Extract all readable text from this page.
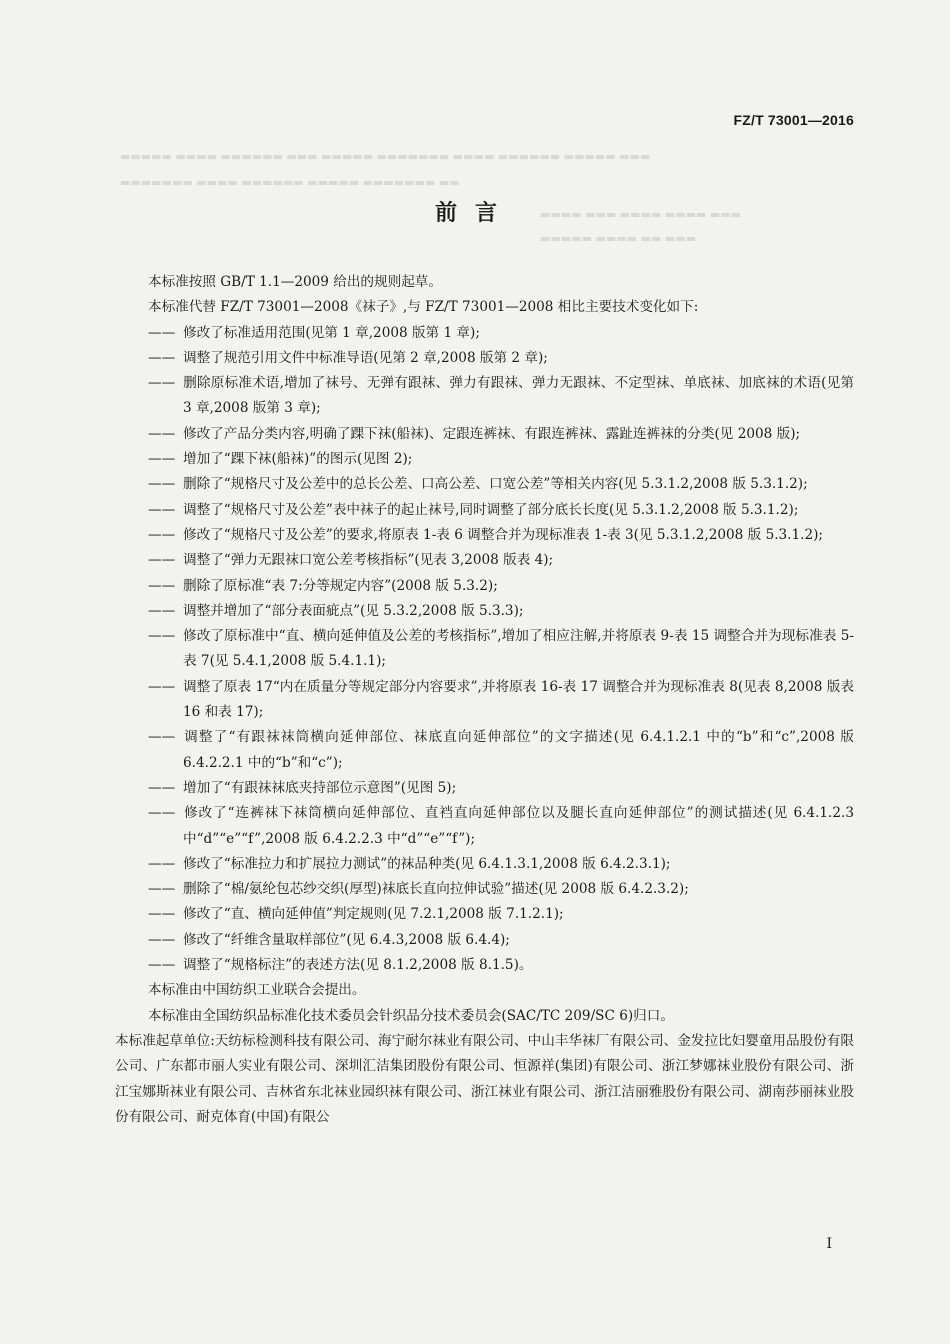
FZ/T 73001—2016
▬▬▬▬▬ ▬▬▬▬ ▬▬▬▬▬▬ ▬▬▬ ▬▬▬▬▬ ▬▬▬▬▬▬▬ ▬▬▬▬ ▬▬▬▬▬▬ ▬▬▬▬▬ ▬▬▬
▬▬▬▬▬▬▬ ▬▬▬▬ ▬▬▬▬▬▬ ▬▬▬▬▬ ▬▬▬▬▬▬▬ ▬▬
▬▬▬▬ ▬▬▬ ▬▬▬▬ ▬▬▬▬ ▬▬▬
▬▬▬▬▬ ▬▬▬▬ ▬▬ ▬▬▬
前言

本标准按照 GB/T 1.1—2009 给出的规则起草。

本标准代替 FZ/T 73001—2008《袜子》,与 FZ/T 73001—2008 相比主要技术变化如下:

—— 修改了标准适用范围(见第 1 章,2008 版第 1 章);

—— 调整了规范引用文件中标准导语(见第 2 章,2008 版第 2 章);

—— 删除原标准术语,增加了袜号、无弹有跟袜、弹力有跟袜、弹力无跟袜、不定型袜、单底袜、加底袜的术语(见第 3 章,2008 版第 3 章);

—— 修改了产品分类内容,明确了踝下袜(船袜)、定跟连裤袜、有跟连裤袜、露趾连裤袜的分类(见 2008 版);

—— 增加了“踝下袜(船袜)”的图示(见图 2);

—— 删除了“规格尺寸及公差中的总长公差、口高公差、口宽公差”等相关内容(见 5.3.1.2,2008 版 5.3.1.2);

—— 调整了“规格尺寸及公差”表中袜子的起止袜号,同时调整了部分底长长度(见 5.3.1.2,2008 版 5.3.1.2);

—— 修改了“规格尺寸及公差”的要求,将原表 1-表 6 调整合并为现标准表 1-表 3(见 5.3.1.2,2008 版 5.3.1.2);

—— 调整了“弹力无跟袜口宽公差考核指标”(见表 3,2008 版表 4);

—— 删除了原标准“表 7:分等规定内容”(2008 版 5.3.2);

—— 调整并增加了“部分表面疵点”(见 5.3.2,2008 版 5.3.3);

—— 修改了原标准中“直、横向延伸值及公差的考核指标”,增加了相应注解,并将原表 9-表 15 调整合并为现标准表 5-表 7(见 5.4.1,2008 版 5.4.1.1);

—— 调整了原表 17“内在质量分等规定部分内容要求”,并将原表 16-表 17 调整合并为现标准表 8(见表 8,2008 版表 16 和表 17);

—— 调整了“有跟袜袜筒横向延伸部位、袜底直向延伸部位”的文字描述(见 6.4.1.2.1 中的“b”和“c”,2008 版 6.4.2.2.1 中的“b”和“c”);

—— 增加了“有跟袜袜底夹持部位示意图”(见图 5);

—— 修改了“连裤袜下袜筒横向延伸部位、直裆直向延伸部位以及腿长直向延伸部位”的测试描述(见 6.4.1.2.3 中“d”“e”“f”,2008 版 6.4.2.2.3 中“d”“e”“f”);

—— 修改了“标准拉力和扩展拉力测试”的袜品种类(见 6.4.1.3.1,2008 版 6.4.2.3.1);

—— 删除了“棉/氨纶包芯纱交织(厚型)袜底长直向拉伸试验”描述(见 2008 版 6.4.2.3.2);

—— 修改了“直、横向延伸值”判定规则(见 7.2.1,2008 版 7.1.2.1);

—— 修改了“纤维含量取样部位”(见 6.4.3,2008 版 6.4.4);

—— 调整了“规格标注”的表述方法(见 8.1.2,2008 版 8.1.5)。

本标准由中国纺织工业联合会提出。

本标准由全国纺织品标准化技术委员会针织品分技术委员会(SAC/TC 209/SC 6)归口。

本标准起草单位:天纺标检测科技有限公司、海宁耐尔袜业有限公司、中山丰华袜厂有限公司、金发拉比妇婴童用品股份有限公司、广东都市丽人实业有限公司、深圳汇洁集团股份有限公司、恒源祥(集团)有限公司、浙江梦娜袜业股份有限公司、浙江宝娜斯袜业有限公司、吉林省东北袜业园织袜有限公司、浙江袜业有限公司、浙江洁丽雅股份有限公司、湖南莎丽袜业股份有限公司、耐克体育(中国)有限公

I
